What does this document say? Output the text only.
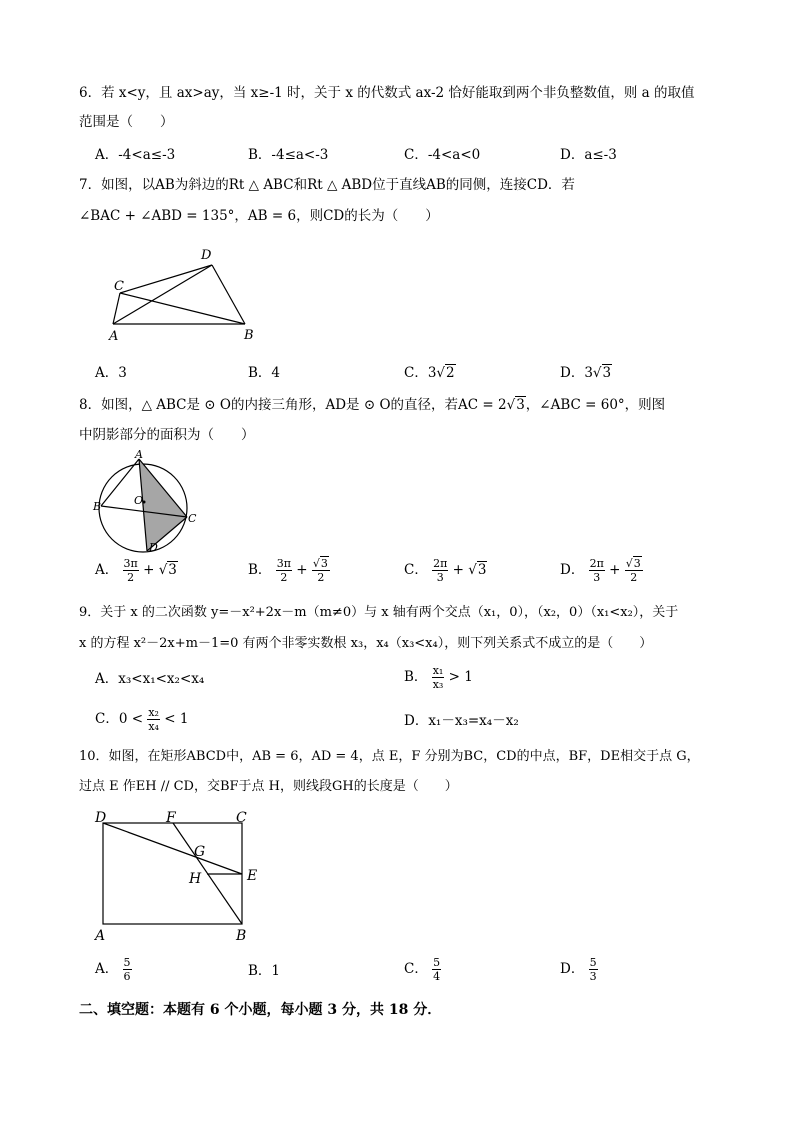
6．若 x<y，且 ax>ay，当 x≥-1 时，关于 x 的代数式 ax-2 恰好能取到两个非负整数值，则 a 的取值
范围是（　　）
A．-4<a≤-3	B．-4≤a<-3	C．-4<a<0	D．a≤-3
7．如图，以AB为斜边的Rt △ ABC和Rt △ ABD位于直线AB的同侧，连接CD．若
∠BAC + ∠ABD = 135°，AB = 6，则CD的长为（　　）
A	B
C
D
A．3	B．4	C．3√2	D．3√3
8．如图，△ ABC是 ⊙ O的内接三角形，AD是 ⊙ O的直径，若AC = 2√3，∠ABC = 60°，则图
中阴影部分的面积为（　　）
A
B
C
D
O
A． $\frac{3\pi}{2} + √3$	B． $\frac{3\pi}{2} + \frac{√3}{2}$	C． $\frac{2\pi}{3} + √3$	D． $\frac{2\pi}{3} + \frac{√3}{2}$
9．关于 x 的二次函数 y=－x²+2x－m（m≠0）与 x 轴有两个交点（x₁，0），（x₂，0）（x₁<x₂），关于
x 的方程 x²－2x+m－1=0 有两个非零实数根 x₃，x₄（x₃<x₄），则下列关系式不成立的是（　　）
A．x₃<x₁<x₂<x₄	B． $\frac{\text{x₁}}{\text{x₃}} > 1$
C．$0 < \frac{\text{x₂}}{\text{x₄}} < 1$	D．x₁－x₃=x₄－x₂
10．如图，在矩形ABCD中，AB = 6，AD = 4，点 E，F 分别为BC，CD的中点，BF，DE相交于点 G，
过点 E 作EH // CD，交BF于点 H，则线段GH的长度是（　　）
A	B
C
D
E
F
G
H
A． $\frac{5}{6}$	B．1	C． $\frac{5}{4}$	D． $\frac{5}{3}$
二、填空题：本题有 6 个小题，每小题 3 分，共 18 分．
